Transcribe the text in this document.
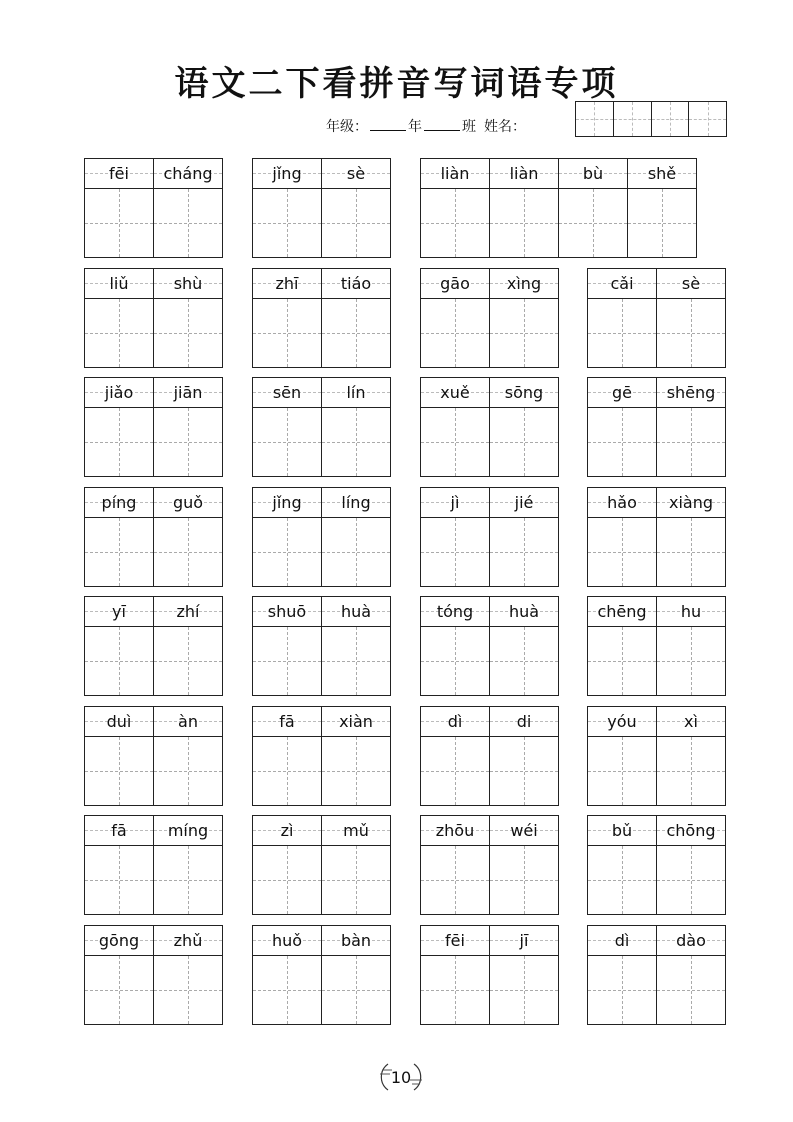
语文二下看拼音写词语专项
年级：	年	班 姓名：
fēi cháng	jǐng	sè	liàn	liàn	bù	shě
liǔ	shù	zhī	tiáo	gāo xìng	cǎi	sè
jiǎo	jiān	sēn	lín	xuě sōng	gē shēng
píng guǒ	jǐng líng	jì	jié	hǎo xiàng
yī	zhí	shuō huà	tóng huà	chēng hu
duì	àn	fā	xiàn	dì	di	yóu	xì
fā	míng	zì	mǔ	zhōu wéi	bǔ chōng
gōng zhǔ	huǒ bàn	fēi	jī	dì	dào
10
